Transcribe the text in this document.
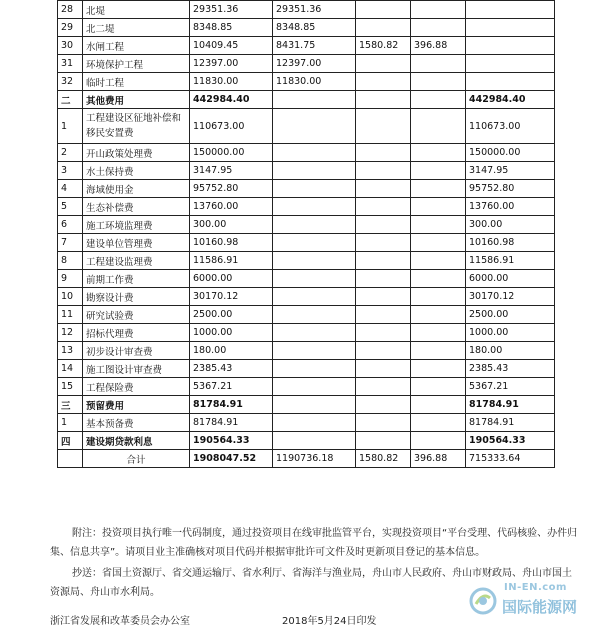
28	北堤	29351.36	29351.36			
29	北二堤	8348.85	8348.85			
30	水闸工程	10409.45	8431.75	1580.82	396.88	
31	环境保护工程	12397.00	12397.00			
32	临时工程	11830.00	11830.00			
二	其他费用	442984.40				442984.40
1	工程建设区征地补偿和移民安置费	110673.00				110673.00
2	开山政策处理费	150000.00				150000.00
3	水土保持费	3147.95				3147.95
4	海域使用金	95752.80				95752.80
5	生态补偿费	13760.00				13760.00
6	施工环境监理费	300.00				300.00
7	建设单位管理费	10160.98				10160.98
8	工程建设监理费	11586.91				11586.91
9	前期工作费	6000.00				6000.00
10	勘察设计费	30170.12				30170.12
11	研究试验费	2500.00				2500.00
12	招标代理费	1000.00				1000.00
13	初步设计审查费	180.00				180.00
14	施工图设计审查费	2385.43				2385.43
15	工程保险费	5367.21				5367.21
三	预留费用	81784.91				81784.91
1	基本预备费	81784.91				81784.91
四	建设期贷款利息	190564.33				190564.33
	合计	1908047.52	1190736.18	1580.82	396.88	715333.64

附注：投资项目执行唯一代码制度，通过投资项目在线审批监管平台，实现投资项目“平台受理、代码核验、办件归集、信息共享”。请项目业主准确核对项目代码并根据审批许可文件及时更新项目登记的基本信息。

抄送：省国土资源厅、省交通运输厅、省水利厅、省海洋与渔业局，舟山市人民政府、舟山市财政局、舟山市国土资源局、舟山市水利局。

浙江省发展和改革委员会办公室	2018年5月24日印发
IN-EN.com
国际能源网
